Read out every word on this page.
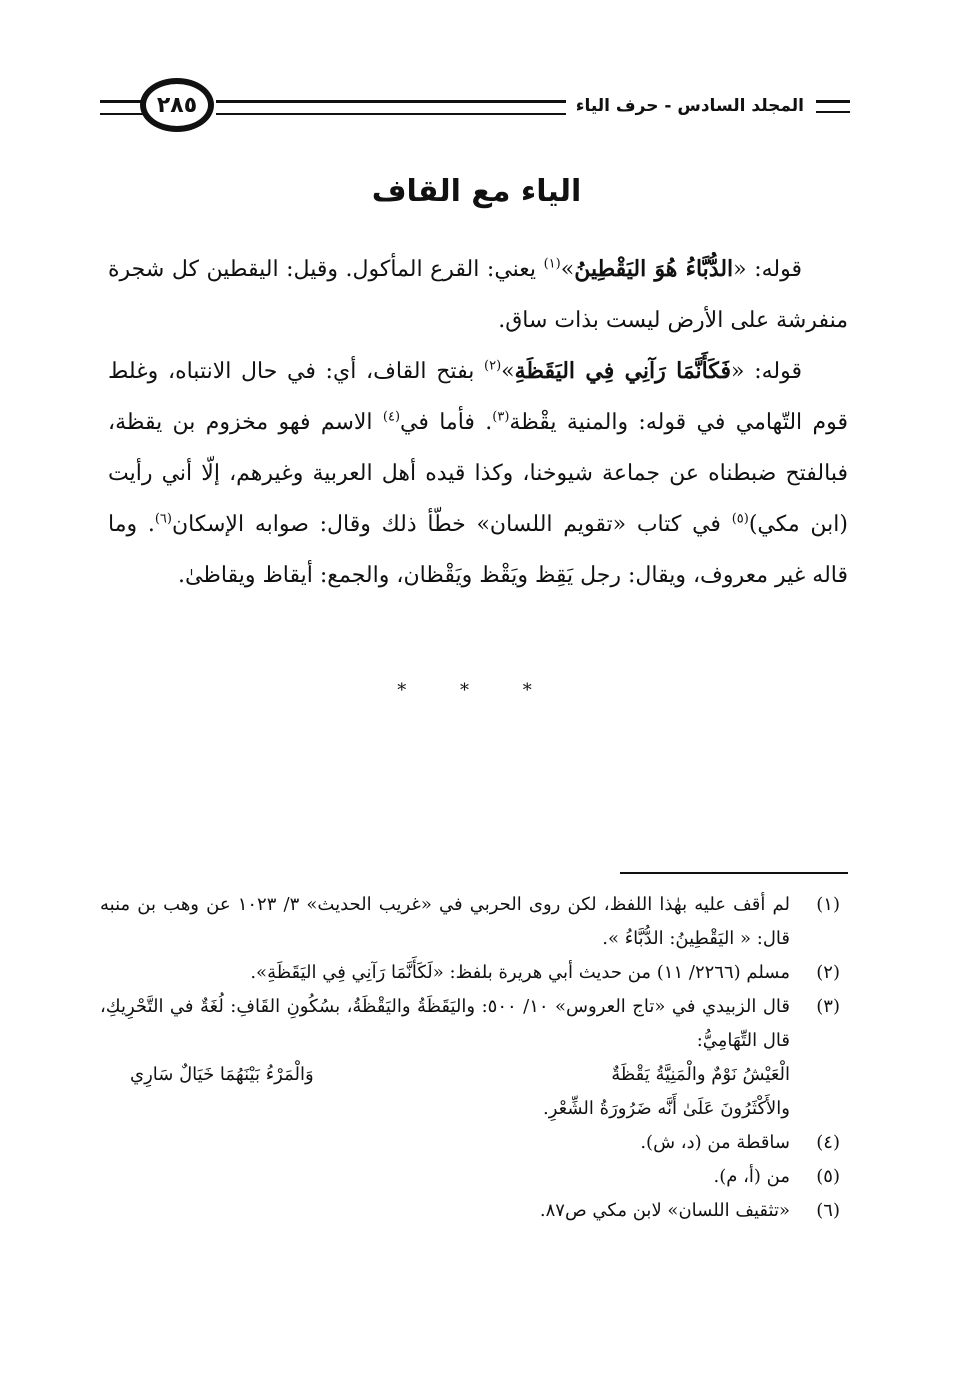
المجلد السادس - حرف الياء
٢٨٥
الياء مع القاف

قوله: «الدُّبَّاءُ هُوَ اليَقْطِينُ»$^{(١)}$ يعني: القرع المأكول. وقيل: اليقطين كل شجرة منفرشة على الأرض ليست بذات ساق.

قوله: «فَكَأَنَّمَا رَآنِي فِي اليَقَظَةِ»$^{(٢)}$ بفتح القاف، أي: في حال الانتباه، وغلط قوم التّهامي في قوله: والمنية يقْظة$^{(٣)}$. فأما في$^{(٤)}$ الاسم فهو مخزوم بن يقظة، فبالفتح ضبطناه عن جماعة شيوخنا، وكذا قيده أهل العربية وغيرهم، إلّا أني رأيت (ابن مكي)$^{(٥)}$ في كتاب «تقويم اللسان» خطّأ ذلك وقال: صوابه الإسكان$^{(٦)}$. وما قاله غير معروف، ويقال: رجل يَقِظ ويَقْظ ويَقْظان، والجمع: أيقاظ ويقاظىٰ.

* * *
(١)
لم أقف عليه بهٰذا اللفظ، لكن روى الحربي في «غريب الحديث» ٣/ ١٠٢٣ عن وهب بن منبه قال: « اليَقْطِينُ: الدُّبَّاءُ ».
(٢)
مسلم (٢٢٦٦/ ١١) من حديث أبي هريرة بلفظ: «لَكَأَنَّمَا رَآنِي فِي اليَقَظَةِ».
(٣)
قال الزبيدي في «تاج العروس» ١٠/ ٥٠٠: واليَقَظَةُ واليَقْظَةُ، بسُكُونِ القَافِ: لُغَةٌ في التَّحْرِيكِ، قال التِّهَامِيُّ:
الْعَيْشُ نَوْمٌ والْمَنِيَّةُ يَقْظَةٌ
وَالْمَرْءُ بَيْنَهُمَا خَيَالٌ سَارِي
والأَكْثَرُونَ عَلَىٰ أَنَّه ضَرُورَةُ الشِّعْرِ.
(٤)
ساقطة من (د، ش).
(٥)
من (أ، م).
(٦)
«تثقيف اللسان» لابن مكي ص٨٧.
